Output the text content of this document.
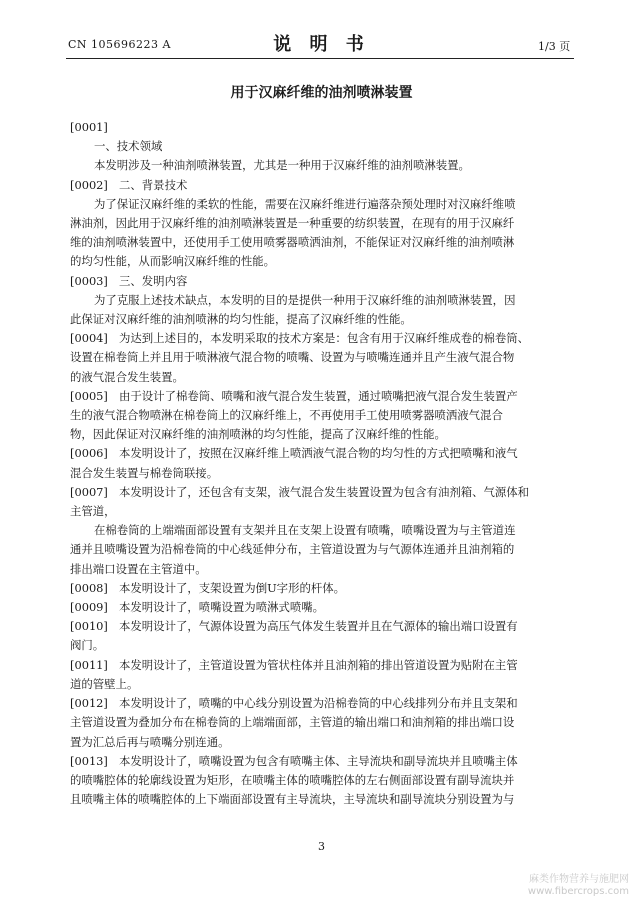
CN 105696223 A	说 明 书	1/3 页
用于汉麻纤维的油剂喷淋装置
[0001]
一、技术领域
本发明涉及一种油剂喷淋装置，尤其是一种用于汉麻纤维的油剂喷淋装置。
[0002] 二、背景技术
为了保证汉麻纤维的柔软的性能，需要在汉麻纤维进行遍落杂预处理时对汉麻纤维喷
淋油剂，因此用于汉麻纤维的油剂喷淋装置是一种重要的纺织装置，在现有的用于汉麻纤
维的油剂喷淋装置中，还使用手工使用喷雾器喷洒油剂，不能保证对汉麻纤维的油剂喷淋
的均匀性能，从而影响汉麻纤维的性能。
[0003] 三、发明内容
为了克服上述技术缺点，本发明的目的是提供一种用于汉麻纤维的油剂喷淋装置，因
此保证对汉麻纤维的油剂喷淋的均匀性能，提高了汉麻纤维的性能。
[0004] 为达到上述目的，本发明采取的技术方案是：包含有用于汉麻纤维成卷的棉卷筒、
设置在棉卷筒上并且用于喷淋液气混合物的喷嘴、设置为与喷嘴连通并且产生液气混合物
的液气混合发生装置。
[0005] 由于设计了棉卷筒、喷嘴和液气混合发生装置，通过喷嘴把液气混合发生装置产
生的液气混合物喷淋在棉卷筒上的汉麻纤维上，不再使用手工使用喷雾器喷洒液气混合
物，因此保证对汉麻纤维的油剂喷淋的均匀性能，提高了汉麻纤维的性能。
[0006] 本发明设计了，按照在汉麻纤维上喷洒液气混合物的均匀性的方式把喷嘴和液气
混合发生装置与棉卷筒联接。
[0007] 本发明设计了，还包含有支架，液气混合发生装置设置为包含有油剂箱、气源体和
主管道，
在棉卷筒的上端端面部设置有支架并且在支架上设置有喷嘴，喷嘴设置为与主管道连
通并且喷嘴设置为沿棉卷筒的中心线延伸分布，主管道设置为与气源体连通并且油剂箱的
排出端口设置在主管道中。
[0008] 本发明设计了，支架设置为倒U字形的杆体。
[0009] 本发明设计了，喷嘴设置为喷淋式喷嘴。
[0010] 本发明设计了，气源体设置为高压气体发生装置并且在气源体的输出端口设置有
阀门。
[0011] 本发明设计了，主管道设置为管状柱体并且油剂箱的排出管道设置为贴附在主管
道的管壁上。
[0012] 本发明设计了，喷嘴的中心线分别设置为沿棉卷筒的中心线排列分布并且支架和
主管道设置为叠加分布在棉卷筒的上端端面部，主管道的输出端口和油剂箱的排出端口设
置为汇总后再与喷嘴分别连通。
[0013] 本发明设计了，喷嘴设置为包含有喷嘴主体、主导流块和副导流块并且喷嘴主体
的喷嘴腔体的轮廓线设置为矩形，在喷嘴主体的喷嘴腔体的左右侧面部设置有副导流块并
且喷嘴主体的喷嘴腔体的上下端面部设置有主导流块，主导流块和副导流块分别设置为与
3
麻类作物营养与施肥网
www.fibercrops.com
